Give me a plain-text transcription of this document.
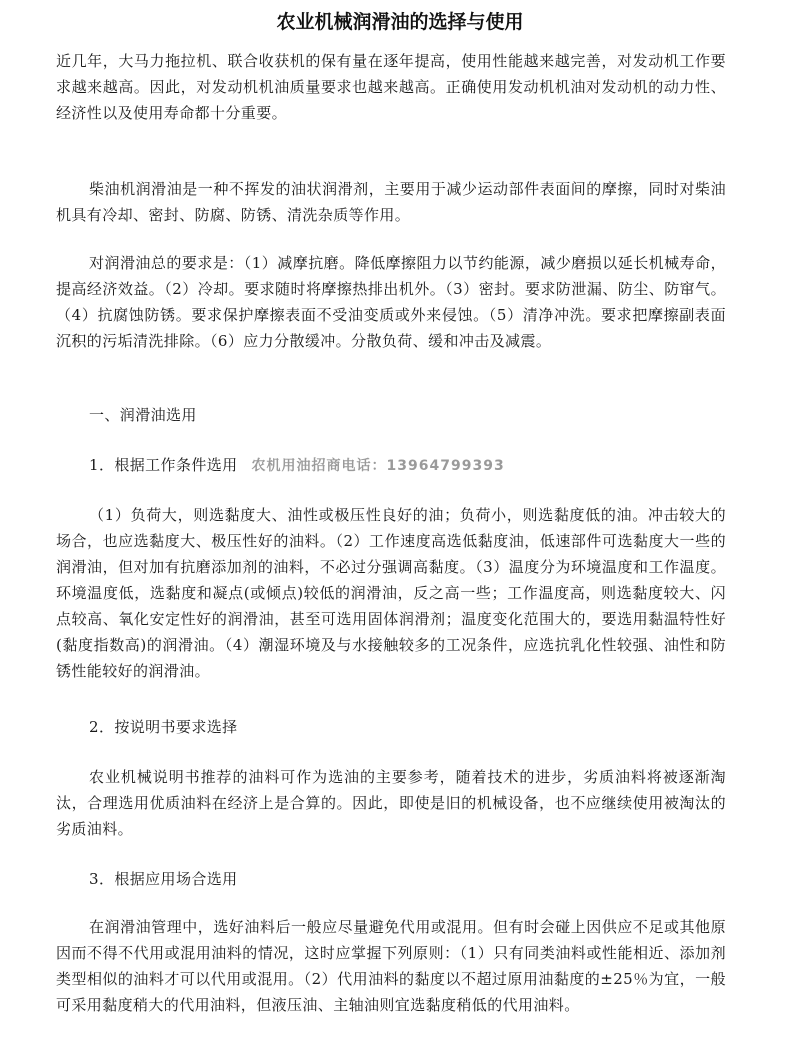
农业机械润滑油的选择与使用

近几年，大马力拖拉机、联合收获机的保有量在逐年提高，使用性能越来越完善，对发动机工作要求越来越高。因此，对发动机机油质量要求也越来越高。正确使用发动机机油对发动机的动力性、经济性以及使用寿命都十分重要。

柴油机润滑油是一种不挥发的油状润滑剂，主要用于减少运动部件表面间的摩擦，同时对柴油机具有冷却、密封、防腐、防锈、清洗杂质等作用。

对润滑油总的要求是：（1）减摩抗磨。降低摩擦阻力以节约能源，减少磨损以延长机械寿命，提高经济效益。（2）冷却。要求随时将摩擦热排出机外。（3）密封。要求防泄漏、防尘、防窜气。（4）抗腐蚀防锈。要求保护摩擦表面不受油变质或外来侵蚀。（5）清净冲洗。要求把摩擦副表面沉积的污垢清洗排除。（6）应力分散缓冲。分散负荷、缓和冲击及减震。

一、润滑油选用

1．根据工作条件选用 农机用油招商电话：13964799393

（1）负荷大，则选黏度大、油性或极压性良好的油；负荷小，则选黏度低的油。冲击较大的场合，也应选黏度大、极压性好的油料。（2）工作速度高选低黏度油，低速部件可选黏度大一些的润滑油，但对加有抗磨添加剂的油料，不必过分强调高黏度。（3）温度分为环境温度和工作温度。环境温度低，选黏度和凝点(或倾点)较低的润滑油，反之高一些；工作温度高，则选黏度较大、闪点较高、氧化安定性好的润滑油，甚至可选用固体润滑剂；温度变化范围大的，要选用黏温特性好(黏度指数高)的润滑油。（4）潮湿环境及与水接触较多的工况条件，应选抗乳化性较强、油性和防锈性能较好的润滑油。

2．按说明书要求选择

农业机械说明书推荐的油料可作为选油的主要参考，随着技术的进步，劣质油料将被逐渐淘汰，合理选用优质油料在经济上是合算的。因此，即使是旧的机械设备，也不应继续使用被淘汰的劣质油料。

3．根据应用场合选用

在润滑油管理中，选好油料后一般应尽量避免代用或混用。但有时会碰上因供应不足或其他原因而不得不代用或混用油料的情况，这时应掌握下列原则：（1）只有同类油料或性能相近、添加剂类型相似的油料才可以代用或混用。（2）代用油料的黏度以不超过原用油黏度的±25％为宜，一般可采用黏度稍大的代用油料，但液压油、主轴油则宜选黏度稍低的代用油料。
